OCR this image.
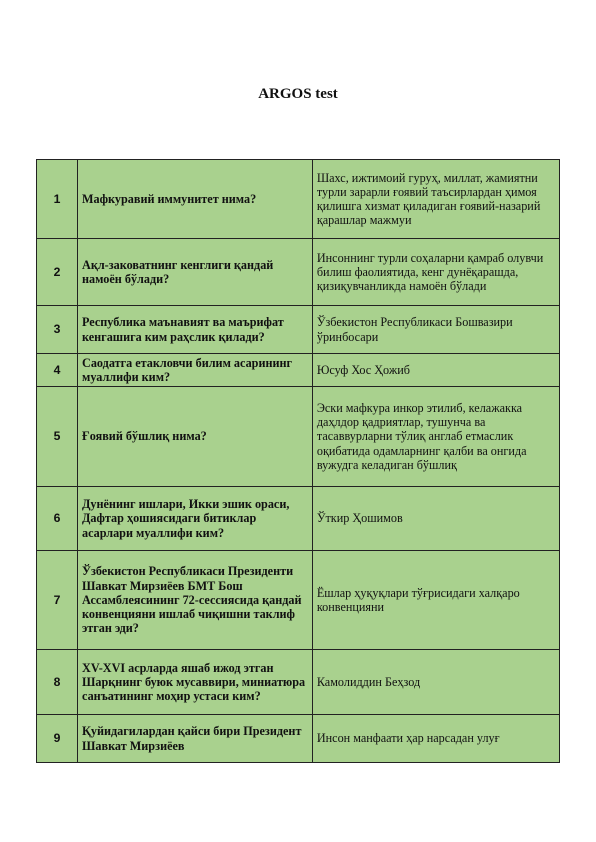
ARGOS test
1	Мафкуравий иммунитет нима?	Шахс, ижтимоий гуруҳ, миллат, жамиятни турли зарарли ғоявий таъсирлардан ҳимоя қилишга хизмат қиладиган ғоявий-назарий қарашлар мажмуи
2	Ақл-заковатнинг кенглиги қандай намоён бўлади?	Инсоннинг турли соҳаларни қамраб олувчи билиш фаолиятида, кенг дунёқарашда, қизиқувчанликда намоён бўлади
3	Республика маънавият ва маърифат кенгашига ким раҳслик қилади?	Ўзбекистон Республикаси Бошвазири ўринбосари
4	Саодатга етакловчи билим асарининг муаллифи ким?	Юсуф Хос Ҳожиб
5	Ғоявий бўшлиқ нима?	Эски мафкура инкор этилиб, келажакка даҳлдор қадриятлар, тушунча ва тасаввурларни тўлиқ англаб етмаслик оқибатида одамларнинг қалби ва онгида вужудга келадиган бўшлиқ
6	Дунёнинг ишлари, Икки эшик ораси, Дафтар ҳошиясидаги битиклар асарлари муаллифи ким?	Ўткир Ҳошимов
7	Ўзбекистон Республикаси Президенти Шавкат Мирзиёев БМТ Бош Ассамблеясининг 72-сессиясида қандай конвенцияни ишлаб чиқишни таклиф этган эди?	Ёшлар ҳуқуқлари тўғрисидаги халқаро конвенцияни
8	XV-XVI асрларда яшаб ижод этган Шарқнинг буюк мусаввири, миниатюра санъатининг моҳир устаси ким?	Камолиддин Беҳзод
9	Қуйидагилардан қайси бири Президент Шавкат Мирзиёев	Инсон манфаати ҳар нарсадан улуғ
